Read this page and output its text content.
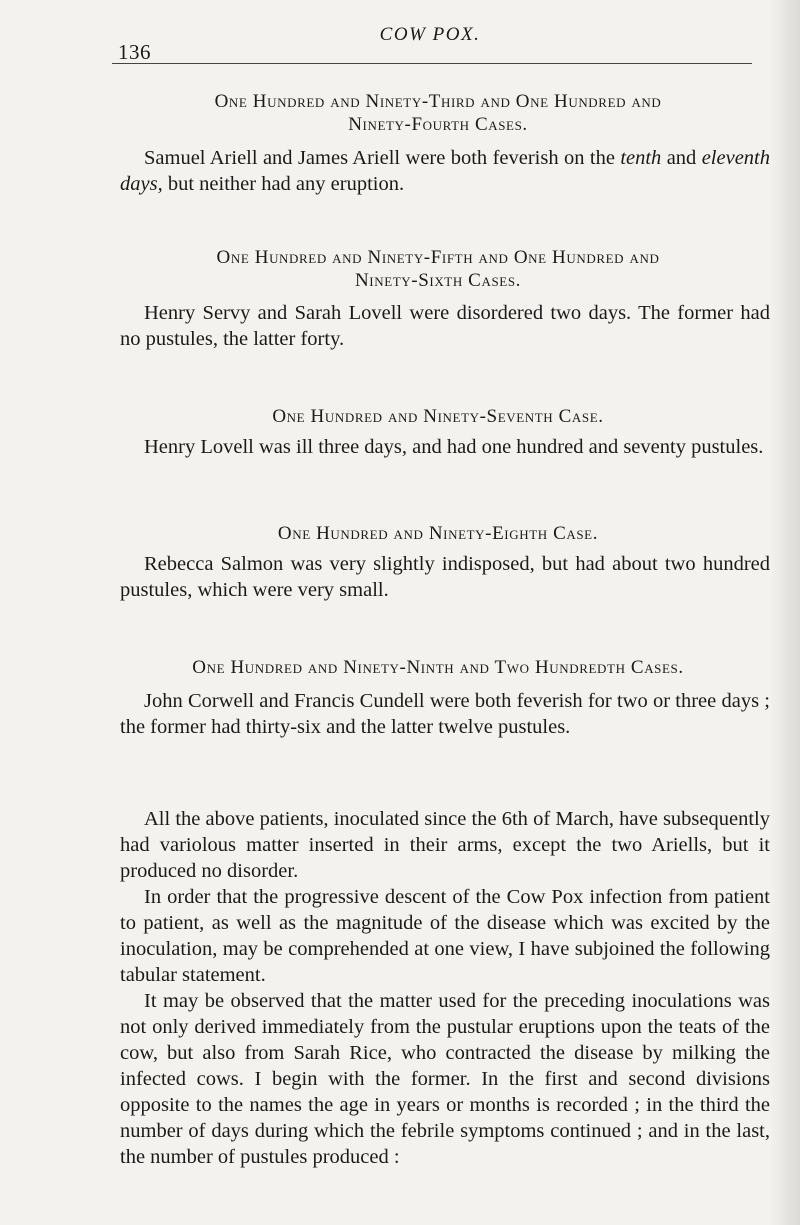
136
COW POX.
One Hundred and Ninety-Third and One Hundred and
Ninety-Fourth Cases.
Samuel Ariell and James Ariell were both feverish on the tenth and eleventh days, but neither had any eruption.
One Hundred and Ninety-Fifth and One Hundred and
Ninety-Sixth Cases.
Henry Servy and Sarah Lovell were disordered two days. The former had no pustules, the latter forty.
One Hundred and Ninety-Seventh Case.
Henry Lovell was ill three days, and had one hundred and seventy pustules.
One Hundred and Ninety-Eighth Case.
Rebecca Salmon was very slightly indisposed, but had about two hundred pustules, which were very small.
One Hundred and Ninety-Ninth and Two Hundredth Cases.
John Corwell and Francis Cundell were both feverish for two or three days ; the former had thirty-six and the latter twelve pustules.
All the above patients, inoculated since the 6th of March, have subsequently had variolous matter inserted in their arms, except the two Ariells, but it produced no disorder.
In order that the progressive descent of the Cow Pox infection from patient to patient, as well as the magnitude of the disease which was excited by the inoculation, may be comprehended at one view, I have subjoined the following tabular statement.
It may be observed that the matter used for the preceding inoculations was not only derived immediately from the pustular eruptions upon the teats of the cow, but also from Sarah Rice, who contracted the disease by milking the infected cows. I begin with the former. In the first and second divisions opposite to the names the age in years or months is recorded ; in the third the number of days during which the febrile symptoms continued ; and in the last, the number of pustules produced :
